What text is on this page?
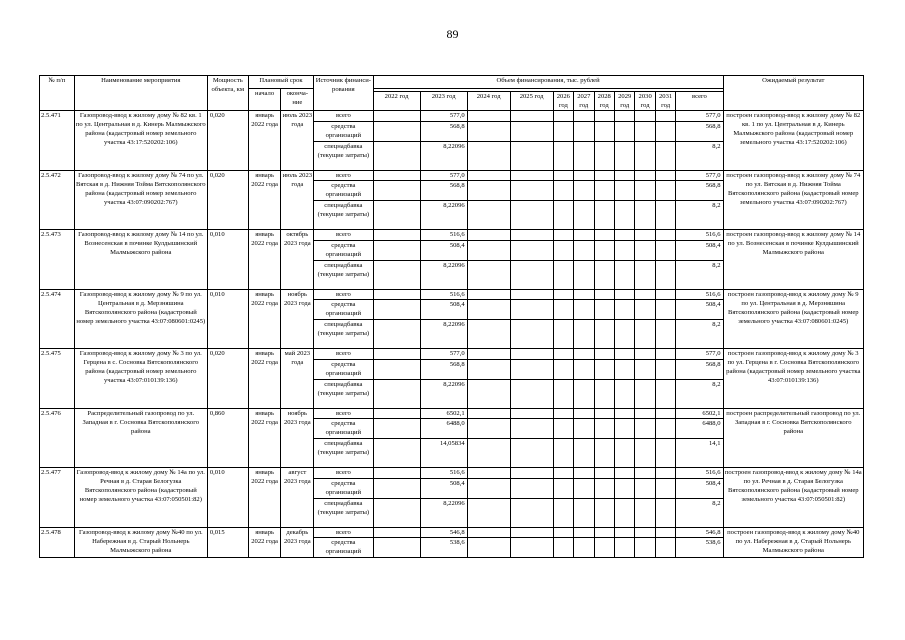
89
№ п/п	Наименование мероприятия	Мощность объекта, км	Плановый срок		Источник финанси-рования	Объем финансирования, тыс. рублей											Ожидаемый результат
			начало	оконча-ние													
						2022 год	2023 год	2024 год	2025 год	2026 год	2027 год	2028 год	2029 год	2030 год	2031 год	всего	
2.5.471	Газопровод-ввод к жилому дому № 82 кв. 1 по ул. Центральная в д. Кинерь Малмыжского района (кадастровый номер земельного участка 43:17:520202:106)	0,020	январь 2022 года	июль 2023 года	всего		577,0									577,0	построен газопровод-ввод к жилому дому № 82 кв. 1 по ул. Центральная в д. Кинерь Малмыжского района (кадастровый номер земельного участка 43:17:520202:106)
					средства организаций		568,8									568,8	
					спецнадбавка (текущие затраты)		8,22096									8,2	
2.5.472	Газопровод-ввод к жилому дому № 74 по ул. Вятская в д. Нижняя Тойма Вятскополянского района (кадастровый номер земельного участка 43:07:090202:767)	0,020	январь 2022 года	июль 2023 года	всего		577,0									577,0	построен газопровод-ввод к жилому дому № 74 по ул. Вятская в д. Нижняя Тойма Вятскополянского района (кадастровый номер земельного участка 43:07:090202:767)
					средства организаций		568,8									568,8	
					спецнадбавка (текущие затраты)		8,22096									8,2	
2.5.473	Газопровод-ввод к жилому дому № 14 по ул. Вознесенская в починке Кулдышинский Малмыжского района	0,010	январь 2022 года	октябрь 2023 года	всего		516,6									516,6	построен газопровод-ввод к жилому дому № 14 по ул. Вознесенская в починке Кулдышинский Малмыжского района
					средства организаций		508,4									508,4	
					спецнадбавка (текущие затраты)		8,22096									8,2	
2.5.474	Газопровод-ввод к жилому дому № 9 по ул. Центральная в д. Мерзняшина Вятскополянского района (кадастровый номер земельного участка 43:07:080601:0245)	0,010	январь 2022 года	ноябрь 2023 года	всего		516,6									516,6	построен газопровод-ввод к жилому дому № 9 по ул. Центральная в д. Мерзняшина Вятскополянского района (кадастровый номер земельного участка 43:07:080601:0245)
					средства организаций		508,4									508,4	
					спецнадбавка (текущие затраты)		8,22096									8,2	
2.5.475	Газопровод-ввод к жилому дому № 3 по ул. Герцена в с. Сосновка Вятскополянского района (кадастровый номер земельного участка 43:07:010139:136)	0,020	январь 2022 года	май 2023 года	всего		577,0									577,0	построен газопровод-ввод к жилому дому № 3 по ул. Герцена в г. Сосновка Вятскополянского района (кадастровый номер земельного участка 43:07:010139:136)
					средства организаций		568,8									568,8	
					спецнадбавка (текущие затраты)		8,22096									8,2	
2.5.476	Распределительный газопровод по ул. Западная в г. Сосновка Вятскополянского района	0,860	январь 2022 года	ноябрь 2023 года	всего		6502,1									6502,1	построен распределительный газопровод по ул. Западная в г. Сосновка Вятскополянского района
					средства организаций		6488,0									6488,0	
					спецнадбавка (текущие затраты)		14,05834									14,1	
2.5.477	Газопровод-ввод к жилому дому № 14а по ул. Речная в д. Старая Белогузка Вятскополянского района (кадастровый номер земельного участка 43:07:050501:82)	0,010	январь 2022 года	август 2023 года	всего		516,6									516,6	построен газопровод-ввод к жилому дому № 14а по ул. Речная в д. Старая Белогузка Вятскополянского района (кадастровый номер земельного участка 43:07:050501:82)
					средства организаций		508,4									508,4	
					спецнадбавка (текущие затраты)		8,22096									8,2	
2.5.478	Газопровод-ввод к жилому дому №40 по ул. Набережная в д. Старый Нольнерь Малмыжского района	0,015	январь 2022 года	декабрь 2023 года	всего		546,8									546,8	построен газопровод-ввод к жилому дому №40 по ул. Набережная в д. Старый Нольнерь Малмыжского района
					средства организаций		538,6									538,6	
